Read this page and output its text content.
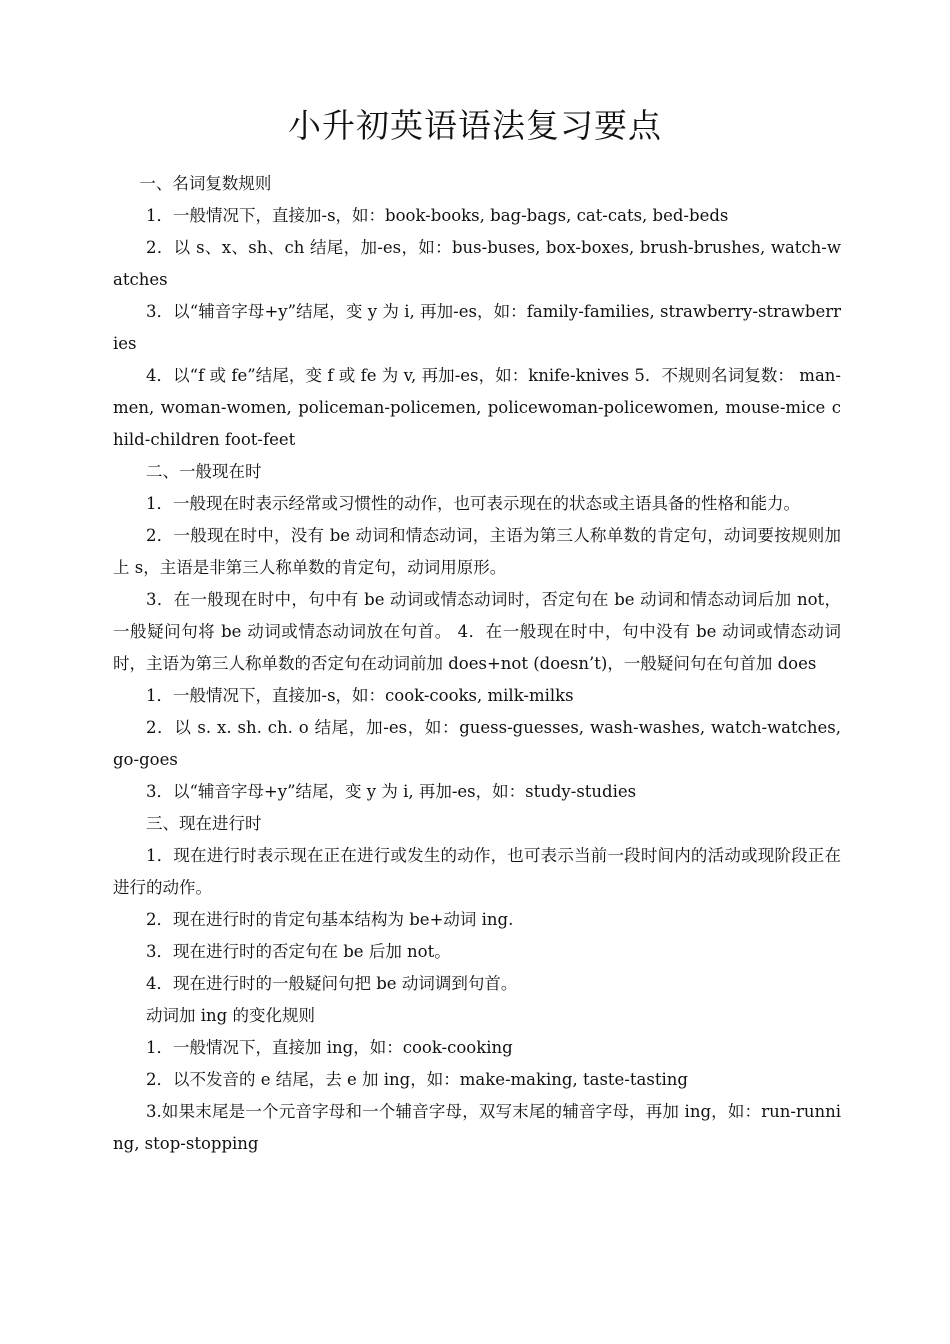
小升初英语语法复习要点

一、名词复数规则

1．一般情况下，直接加-s，如：book-books, bag-bags, cat-cats, bed-beds

2．以 s、x、sh、ch 结尾，加-es，如：bus-buses, box-boxes, brush-brushes, watch-watches

3．以“辅音字母+y”结尾，变 y 为 i, 再加-es，如：family-families, strawberry-strawberries

4．以“f 或 fe”结尾，变 f 或 fe 为 v, 再加-es，如：knife-knives 5．不规则名词复数： man-men, woman-women, policeman-policemen, policewoman-policewomen, mouse-mice child-children foot-feet

二、一般现在时

1．一般现在时表示经常或习惯性的动作，也可表示现在的状态或主语具备的性格和能力。

2．一般现在时中，没有 be 动词和情态动词，主语为第三人称单数的肯定句，动词要按规则加上 s，主语是非第三人称单数的肯定句，动词用原形。

3．在一般现在时中，句中有 be 动词或情态动词时，否定句在 be 动词和情态动词后加 not，一般疑问句将 be 动词或情态动词放在句首。 4．在一般现在时中，句中没有 be 动词或情态动词时，主语为第三人称单数的否定句在动词前加 does+not (doesn’t)，一般疑问句在句首加 does

1．一般情况下，直接加-s，如：cook-cooks, milk-milks

2．以 s. x. sh. ch. o 结尾，加-es，如：guess-guesses, wash-washes, watch-watches, go-goes

3．以“辅音字母+y”结尾，变 y 为 i, 再加-es，如：study-studies

三、现在进行时

1．现在进行时表示现在正在进行或发生的动作，也可表示当前一段时间内的活动或现阶段正在进行的动作。

2．现在进行时的肯定句基本结构为 be+动词 ing.

3．现在进行时的否定句在 be 后加 not。

4．现在进行时的一般疑问句把 be 动词调到句首。

动词加 ing 的变化规则

1．一般情况下，直接加 ing，如：cook-cooking

2．以不发音的 e 结尾，去 e 加 ing，如：make-making, taste-tasting

3.如果末尾是一个元音字母和一个辅音字母，双写末尾的辅音字母，再加 ing，如：run-running, stop-stopping
